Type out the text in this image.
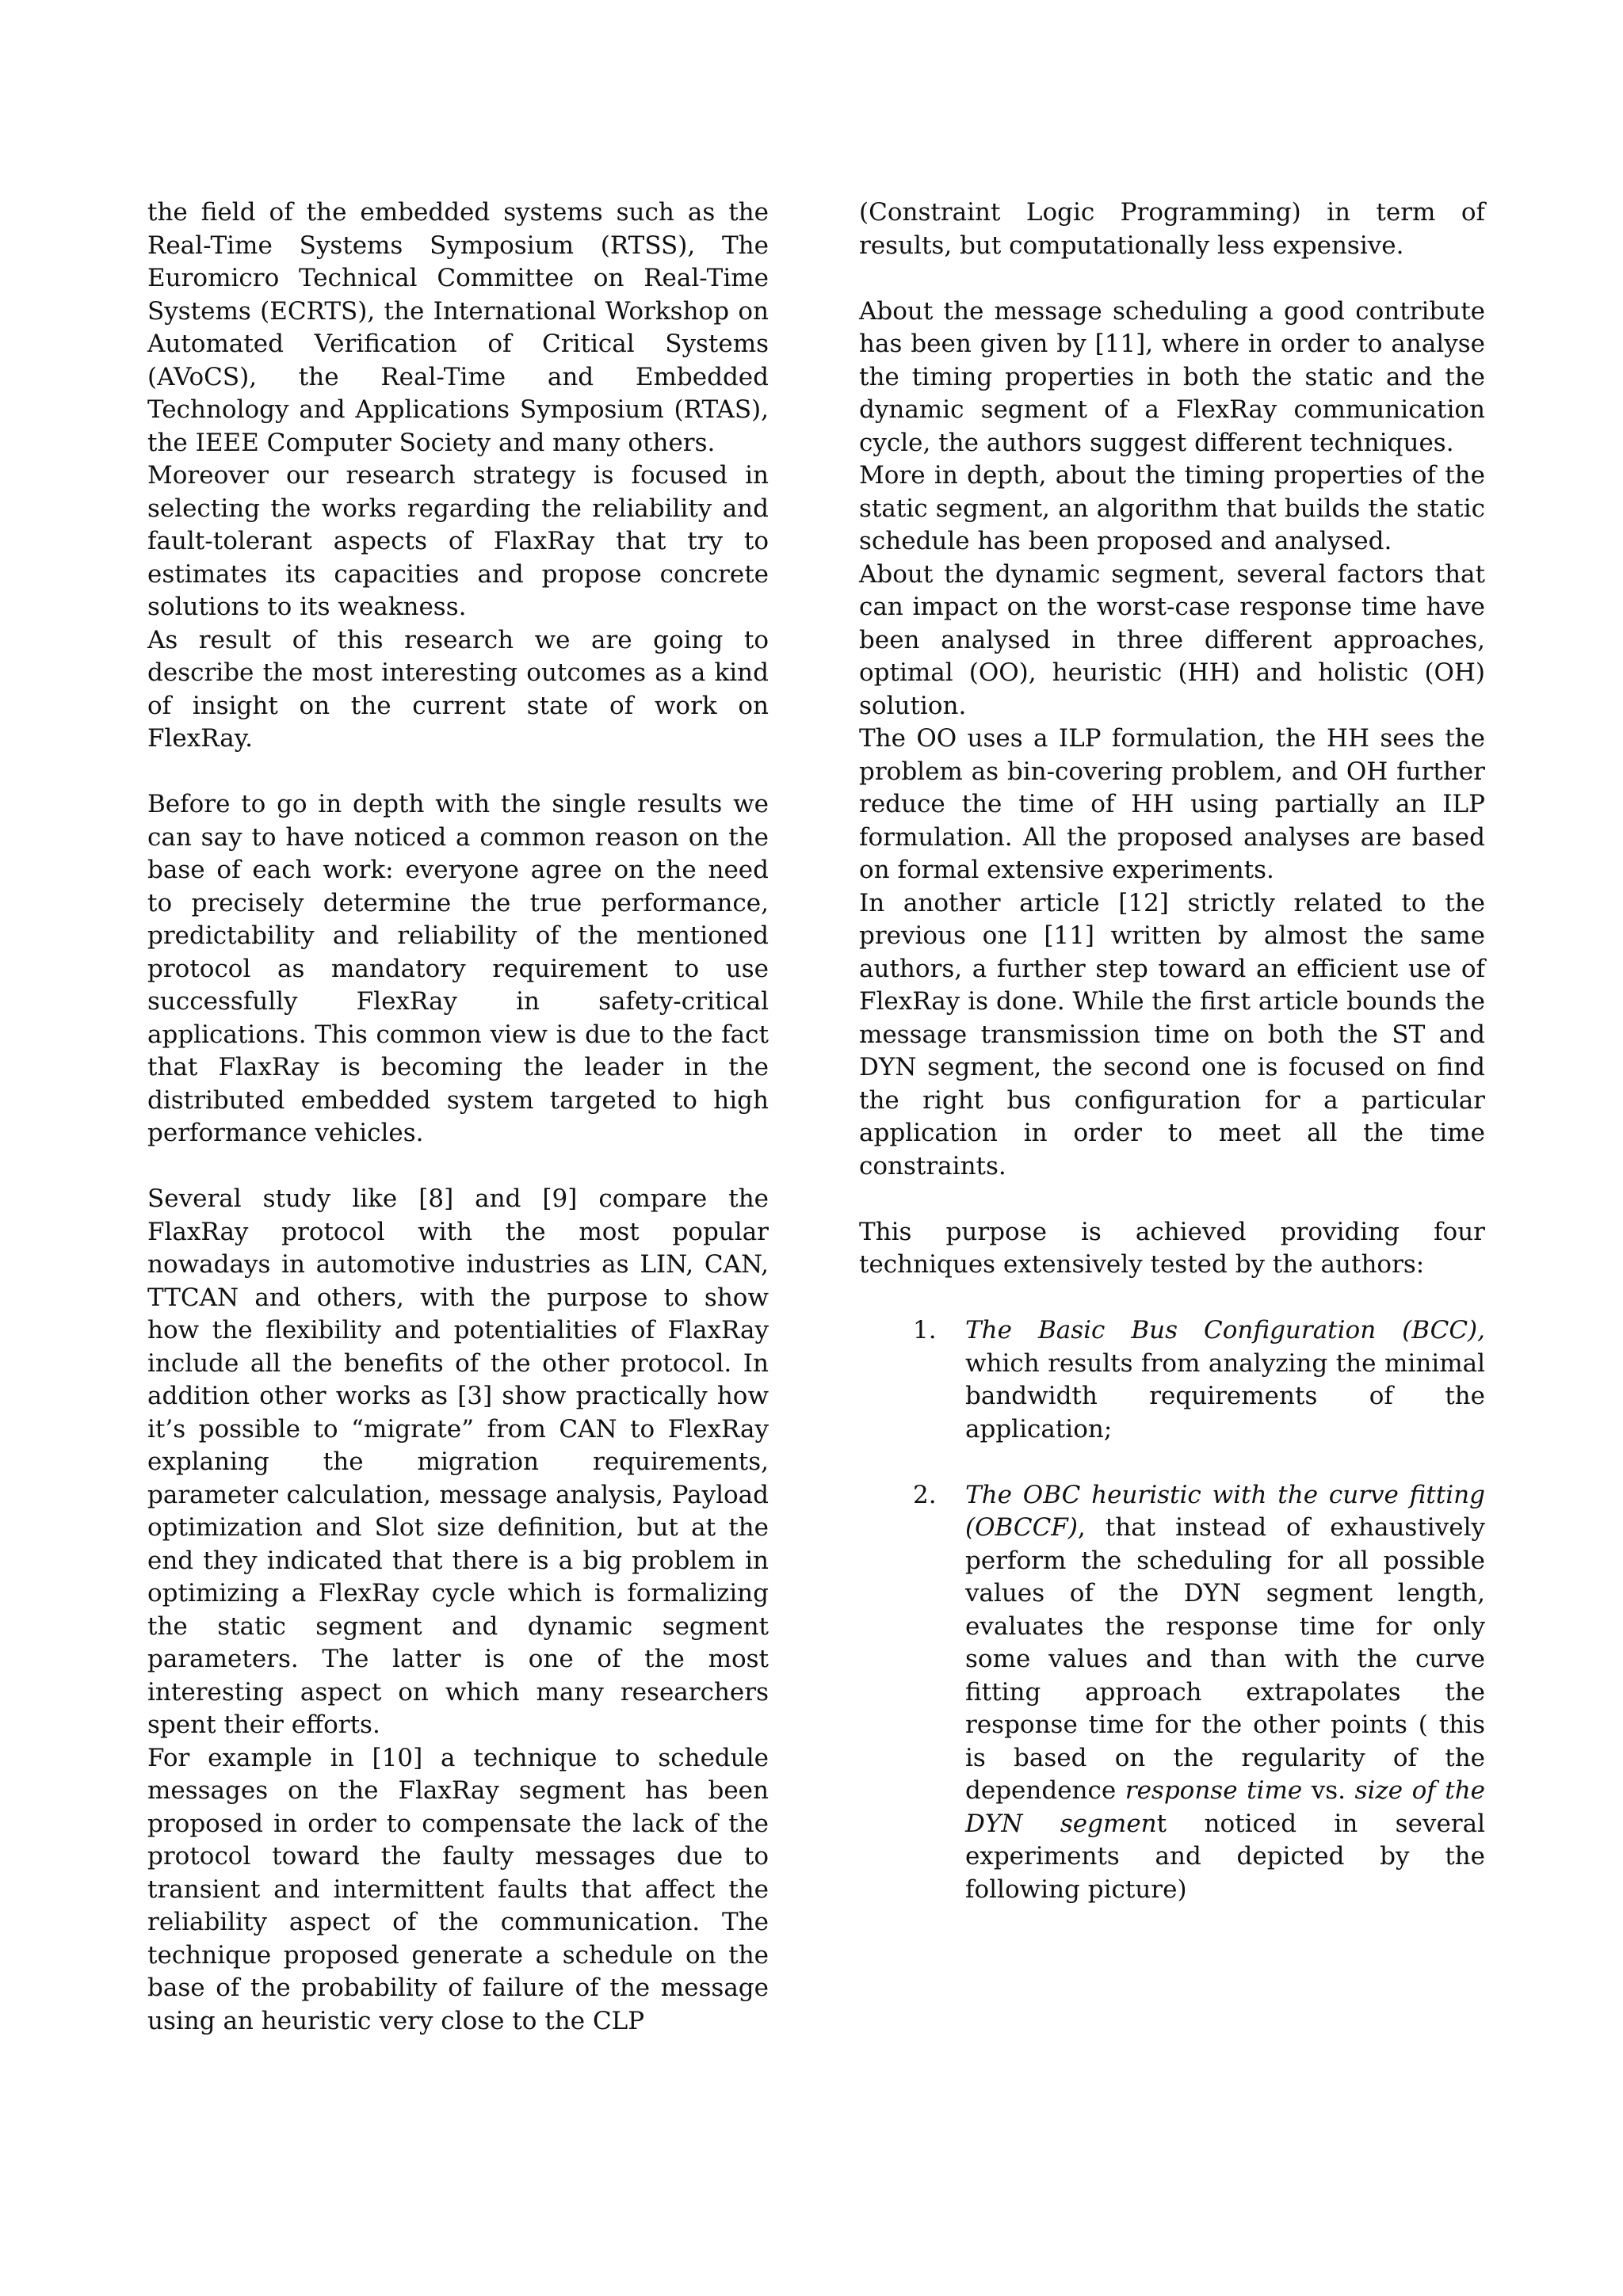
the field of the embedded systems such as the Real-Time Systems Symposium (RTSS), The Euromicro Technical Committee on Real-Time Systems (ECRTS), the International Workshop on Automated Verification of Critical Systems (AVoCS), the Real-Time and Embedded Technology and Applications Symposium (RTAS), the IEEE Computer Society and many others.

Moreover our research strategy is focused in selecting the works regarding the reliability and fault-tolerant aspects of FlaxRay that try to estimates its capacities and propose concrete solutions to its weakness.

As result of this research we are going to describe the most interesting outcomes as a kind of insight on the current state of work on FlexRay.

Before to go in depth with the single results we can say to have noticed a common reason on the base of each work: everyone agree on the need to precisely determine the true performance, predictability and reliability of the mentioned protocol as mandatory requirement to use successfully FlexRay in safety-critical applications. This common view is due to the fact that FlaxRay is becoming the leader in the distributed embedded system targeted to high performance vehicles.

Several study like [8] and [9] compare the FlaxRay protocol with the most popular nowadays in automotive industries as LIN, CAN, TTCAN and others, with the purpose to show how the flexibility and potentialities of FlaxRay include all the benefits of the other protocol. In addition other works as [3] show practically how it’s possible to “migrate” from CAN to FlexRay explaning the migration requirements, parameter calculation, message analysis, Payload optimization and Slot size definition, but at the end they indicated that there is a big problem in optimizing a FlexRay cycle which is formalizing the static segment and dynamic segment parameters. The latter is one of the most interesting aspect on which many researchers spent their efforts.

For example in [10] a technique to schedule messages on the FlaxRay segment has been proposed in order to compensate the lack of the protocol toward the faulty messages due to transient and intermittent faults that affect the reliability aspect of the communication. The technique proposed generate a schedule on the base of the probability of failure of the message using an heuristic very close to the CLP

(Constraint Logic Programming) in term of results, but computationally less expensive.

About the message scheduling a good contribute has been given by [11], where in order to analyse the timing properties in both the static and the dynamic segment of a FlexRay communication cycle, the authors suggest different techniques.

More in depth, about the timing properties of the static segment, an algorithm that builds the static schedule has been proposed and analysed.

About the dynamic segment, several factors that can impact on the worst-case response time have been analysed in three different approaches, optimal (OO), heuristic (HH) and holistic (OH) solution.

The OO uses a ILP formulation, the HH sees the problem as bin-covering problem, and OH further reduce the time of HH using partially an ILP formulation. All the proposed analyses are based on formal extensive experiments.

In another article [12] strictly related to the previous one [11] written by almost the same authors, a further step toward an efficient use of FlexRay is done. While the first article bounds the message transmission time on both the ST and DYN segment, the second one is focused on find the right bus configuration for a particular application in order to meet all the time constraints.

This purpose is achieved providing four techniques extensively tested by the authors:

1. The Basic Bus Configuration (BCC), which results from analyzing the minimal bandwidth requirements of the application;
2. The OBC heuristic with the curve fitting (OBCCF), that instead of exhaustively perform the scheduling for all possible values of the DYN segment length, evaluates the response time for only some values and than with the curve fitting approach extrapolates the response time for the other points ( this is based on the regularity of the dependence response time vs. size of the DYN segment noticed in several experiments and depicted by the following picture)
